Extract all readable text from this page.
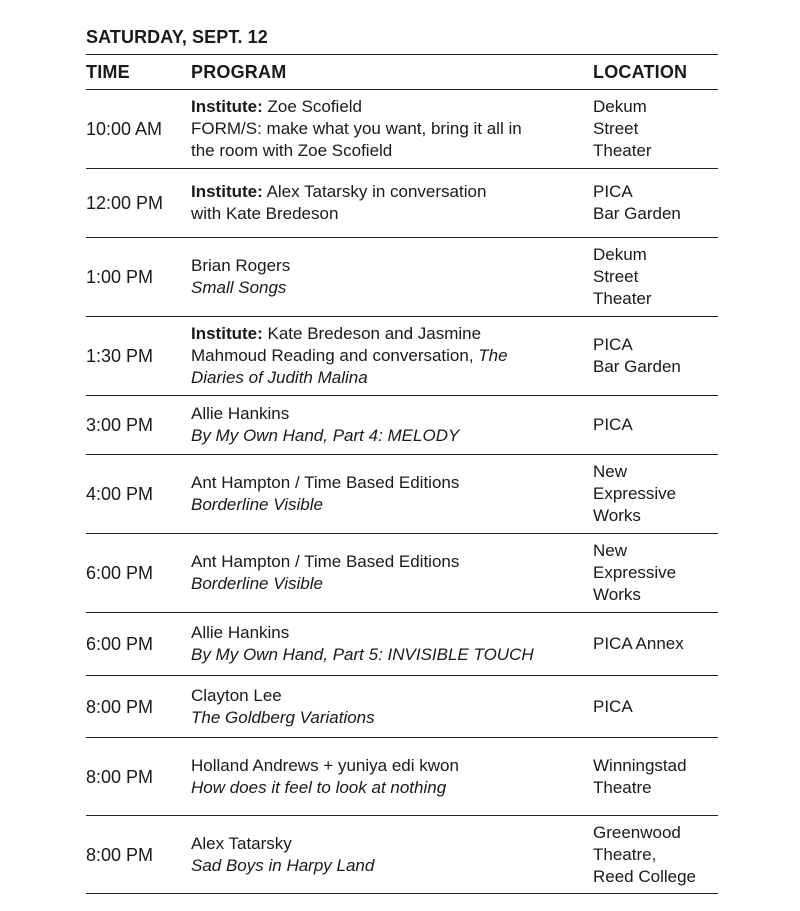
SATURDAY, SEPT. 12
TIME	PROGRAM	LOCATION
10:00 AM
Institute: Zoe Scofield
FORM/S: make what you want, bring it all in
the room with Zoe Scofield
Dekum
Street
Theater
12:00 PM
Institute: Alex Tatarsky in conversation
with Kate Bredeson
PICA
Bar Garden
1:00 PM
Brian Rogers
Small Songs
Dekum
Street
Theater
1:30 PM
Institute: Kate Bredeson and Jasmine
Mahmoud Reading and conversation, The
Diaries of Judith Malina
PICA
Bar Garden
3:00 PM
Allie Hankins
By My Own Hand, Part 4: MELODY
PICA
4:00 PM
Ant Hampton / Time Based Editions
Borderline Visible
New
Expressive
Works
6:00 PM
Ant Hampton / Time Based Editions
Borderline Visible
New
Expressive
Works
6:00 PM
Allie Hankins
By My Own Hand, Part 5: INVISIBLE TOUCH
PICA Annex
8:00 PM
Clayton Lee
The Goldberg Variations
PICA
8:00 PM
Holland Andrews + yuniya edi kwon
How does it feel to look at nothing
Winningstad
Theatre
8:00 PM
Alex Tatarsky
Sad Boys in Harpy Land
Greenwood
Theatre,
Reed College
